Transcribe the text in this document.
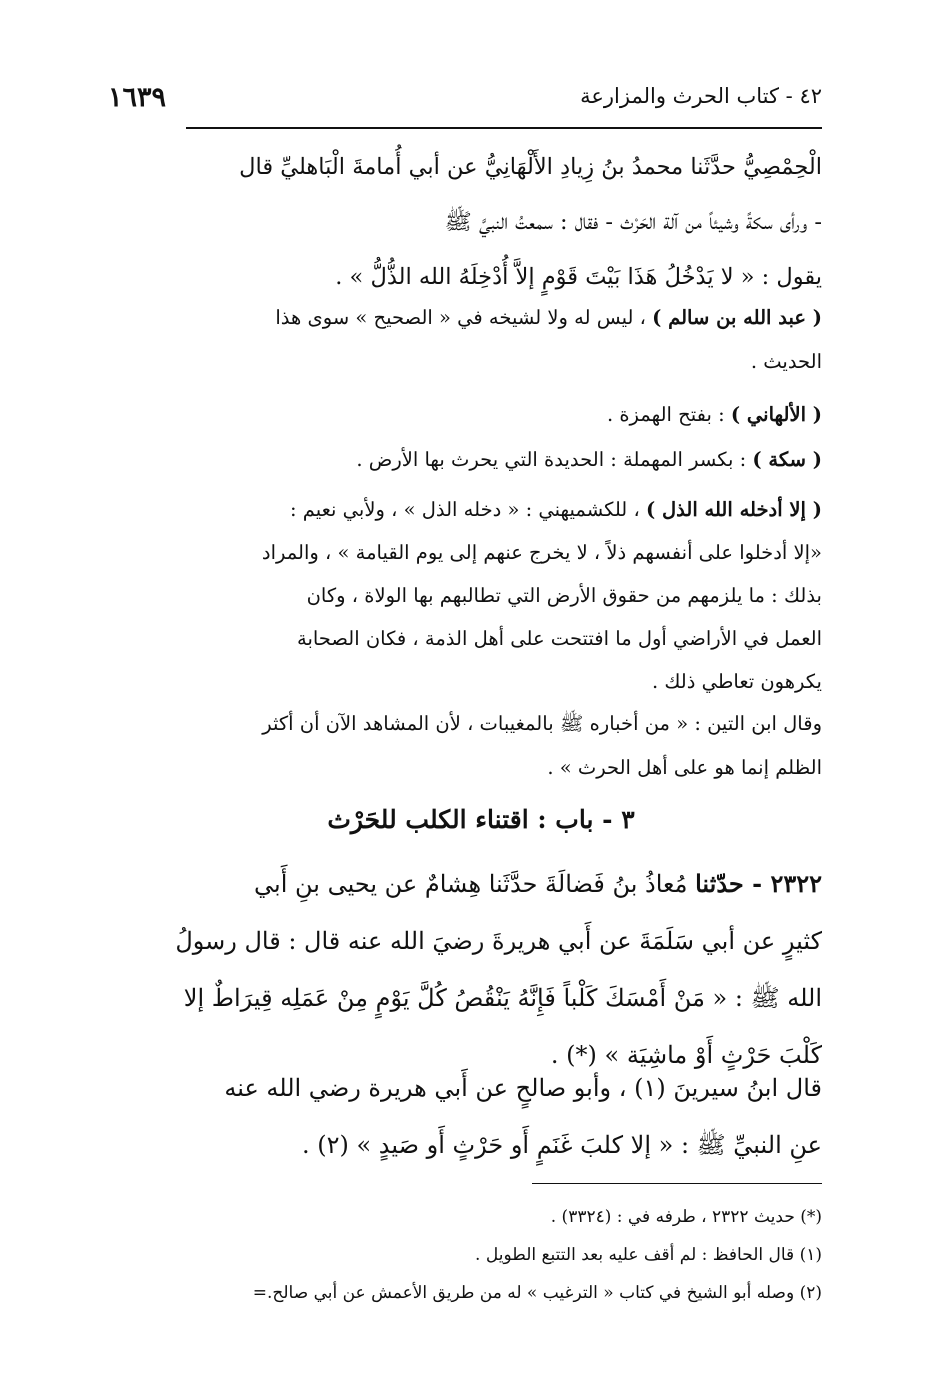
٤٢ - كتاب الحرث والمزارعة
١٦٣٩
الْحِمْصِيُّ حدَّثَنا محمدُ بنُ زِيادِ الأَلْهَانِيُّ عن أبي أُمامةَ الْبَاهليِّ قال
- ورأى سكةً وشيئاً من آلة الحَرْث - فقال : سمعتُ النبيَّ ﷺ
يقول : « لا يَدْخُلُ هَذَا بَيْتَ قَوْمٍ إلاَّ أُدْخِلَهُ الله الذُّلُّ » .
( عبد الله بن سالم ) ، ليس له ولا لشيخه في « الصحيح » سوى هذا
الحديث .
( الألهاني ) : بفتح الهمزة .
( سكة ) : بكسر المهملة : الحديدة التي يحرث بها الأرض .
( إلا أدخله الله الذل ) ، للكشميهني : « دخله الذل » ، ولأبي نعيم :
«إلا أدخلوا على أنفسهم ذلاً ، لا يخرج عنهم إلى يوم القيامة » ، والمراد
بذلك : ما يلزمهم من حقوق الأرض التي تطالبهم بها الولاة ، وكان
العمل في الأراضي أول ما افتتحت على أهل الذمة ، فكان الصحابة
يكرهون تعاطي ذلك .
وقال ابن التين : « من أخباره ﷺ بالمغيبات ، لأن المشاهد الآن أن أكثر
الظلم إنما هو على أهل الحرث » .
٣ - باب : اقتناء الكلب للحَرْث
٢٣٢٢ - حدّثنا مُعاذُ بنُ فَضالَةَ حدَّثَنا هِشامٌ عن يحيى بنِ أَبي
كثيرٍ عن أبي سَلَمَةَ عن أَبي هريرةَ رضيَ الله عنه قال : قال رسولُ
الله ﷺ : « مَنْ أَمْسَكَ كَلْباً فَإِنَّهُ يَنْقُصُ كُلَّ يَوْمٍ مِنْ عَمَلِه قِيرَاطٌ إلا
كَلْبَ حَرْثٍ أَوْ ماشِيَة » (*) .
قال ابنُ سيرينَ (١) ، وأبو صالحٍ عن أَبي هريرة رضي الله عنه
عنِ النبيِّ ﷺ : « إلا كلبَ غَنَمٍ أَو حَرْثٍ أَو صَيدٍ » (٢) .
(*) حديث ٢٣٢٢ ، طرفه في : (٣٣٢٤) .
(١) قال الحافظ : لم أقف عليه بعد التتبع الطويل .
(٢) وصله أبو الشيخ في كتاب « الترغيب » له من طريق الأعمش عن أبي صالح.=
